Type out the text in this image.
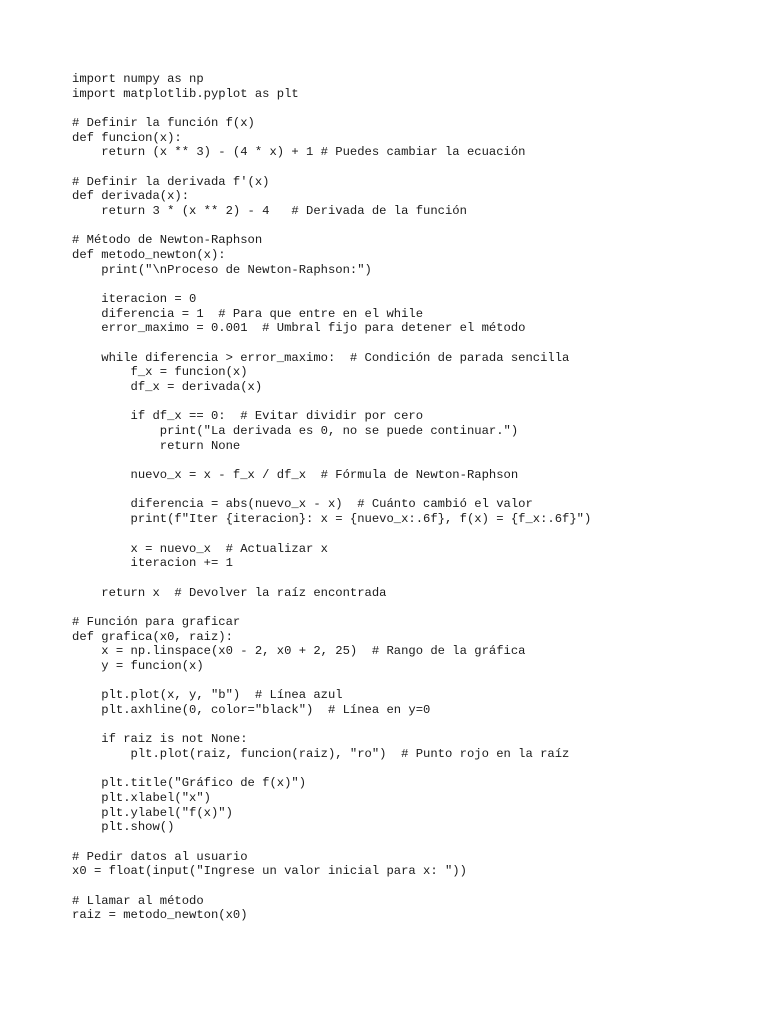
import numpy as np
import matplotlib.pyplot as plt
# Definir la función f(x)
def funcion(x):
return (x ** 3) - (4 * x) + 1 # Puedes cambiar la ecuación
# Definir la derivada f'(x)
def derivada(x):
return 3 * (x ** 2) - 4   # Derivada de la función
# Método de Newton-Raphson
def metodo_newton(x):
print("\nProceso de Newton-Raphson:")
iteracion = 0
diferencia = 1  # Para que entre en el while
error_maximo = 0.001  # Umbral fijo para detener el método
while diferencia > error_maximo:  # Condición de parada sencilla
f_x = funcion(x)
df_x = derivada(x)
if df_x == 0:  # Evitar dividir por cero
print("La derivada es 0, no se puede continuar.")
return None
nuevo_x = x - f_x / df_x  # Fórmula de Newton-Raphson
diferencia = abs(nuevo_x - x)  # Cuánto cambió el valor
print(f"Iter {iteracion}: x = {nuevo_x:.6f}, f(x) = {f_x:.6f}")
x = nuevo_x  # Actualizar x
iteracion += 1
return x  # Devolver la raíz encontrada
# Función para graficar
def grafica(x0, raiz):
x = np.linspace(x0 - 2, x0 + 2, 25)  # Rango de la gráfica
y = funcion(x)
plt.plot(x, y, "b")  # Línea azul
plt.axhline(0, color="black")  # Línea en y=0
if raiz is not None:
plt.plot(raiz, funcion(raiz), "ro")  # Punto rojo en la raíz
plt.title("Gráfico de f(x)")
plt.xlabel("x")
plt.ylabel("f(x)")
plt.show()
# Pedir datos al usuario
x0 = float(input("Ingrese un valor inicial para x: "))
# Llamar al método
raiz = metodo_newton(x0)
